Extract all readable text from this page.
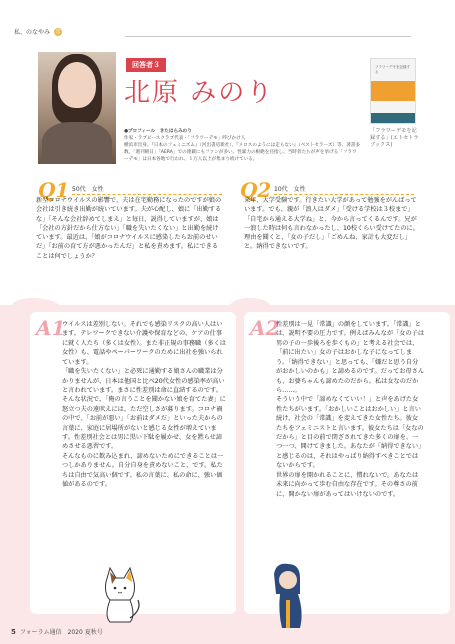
私、のなやみ 恋
回答者３
北原 みのり
フラワーデモを記録する
「フラワーデモを記録する」(エトセトラブックス)
●プロフィール　きたはらみのり
作家・ラブピースクラブ代表・「フラワーデモ」呼びかけ人
横浜市出身。『日本のフェミニズム』（河出書房新社）、『メロスのようには走らない』（ベストセラーズ）等、著書多数。「週刊朝日」「AERA」での連載にもファンが多い。性暴力の根絶を目指し、当時者たちが声を挙げる「フラワーデモ」は日本各地で行われ、１万人以上が集まり続けている。
Q1 50代　女性
新型コロナウイルスの影響で、夫は在宅勤務になったのですが娘の会社は引き続き出勤が続いています。夫が心配し、娘に「出勤するな」「そんな会社辞めてしまえ」と毎日、説得していますが、娘は「会社の方針だから仕方ない」「職を失いたくない」と出勤を続けています。最近は、「娘がコロナウイルスに感染したらお前のせいだ」「お前の育て方が悪かったんだ」と私を責めます。私にできることは何でしょうか？
Q2 10代　女性
来年、大学受験です。行きたい大学があって勉強をがんばっています。でも、親が「浪人はダメ」「受ける学校は３校まで」「自宅から通える大学ね」と、今から言ってくるんです。兄が一浪した時は何も言わなかったし、10校くらい受けてたのに。理由を聞くと、「女の子だし」「ごめんね、家計も大変だし」と。納得できないです。
A1
ウイルスは差別しない。それでも感染リスクの高い人はいます。テレワークできない介護や保育などの、ケアの仕事に就く人たち（多くは女性）。また非正規の事務職（多くは女性）も、電話やペーパーワークのために出社を強いられています。
「職を失いたくない」と必死に通勤する娘さんの職業は分かりませんが、日本は他国と比べ20代女性の感染率が高いと言われています。まさに性差別は命に直結するのです。そんな状況で、「俺の言うことを聞かない娘を育てた妻」に怒立つ夫の遠吠えには、ただ空しさが募ります。コロナ禍の中で、「お前が悪い」「お前はダメだ」といった夫からの言葉に、家庭に居場所がないと感じる女性が増えています。性差別社会とは男に黒い下駄を履かせ、女を黙らせ諦めさせる悪習です。
そんなものに飲み込まれ、諦めないためにできることは一つしかありません。自分自身を責めないこと、です。私たちは自由で気高い個です。私の言葉に、私の命に、強い価値があるのです。
A2
性差別は一見「常識」の顔をしています。「常識」とは、説明不要の圧力です。例えばみんなが「女の子は男の子の一歩後ろを歩くもの」と考える社会では、「前に出たい」女の子はおかしな子になってしまう。「納得できない」と思っても、「嫌だと思う自分がおかしいのかも」と諦めるのです。だってお母さんも、お婆ちゃんも諦めたのだから。私は女なのだから……。
そういう中で「諦めなくていい！」と声をあげた女性たちがいます。「おかしいことはおかしい」と言い続け、社会の「常識」を変えてきた女性たち。彼女たちをフェミニストと言います。彼女たちは「女なのだから」と目の前で閉ざされてきた多くの扉を、一つ一つ、開けてきました。あなたが「納得できない」と感じるのは、それはやっぱり納得すべきことではないからです。
世界の扉を開かれることに、慣れないで。あなたは未来に向かって歩む自由な存在です。その尊さの前に、開かない扉があってはいけないのです。
5 フォーラム通信　2020 夏秋号
